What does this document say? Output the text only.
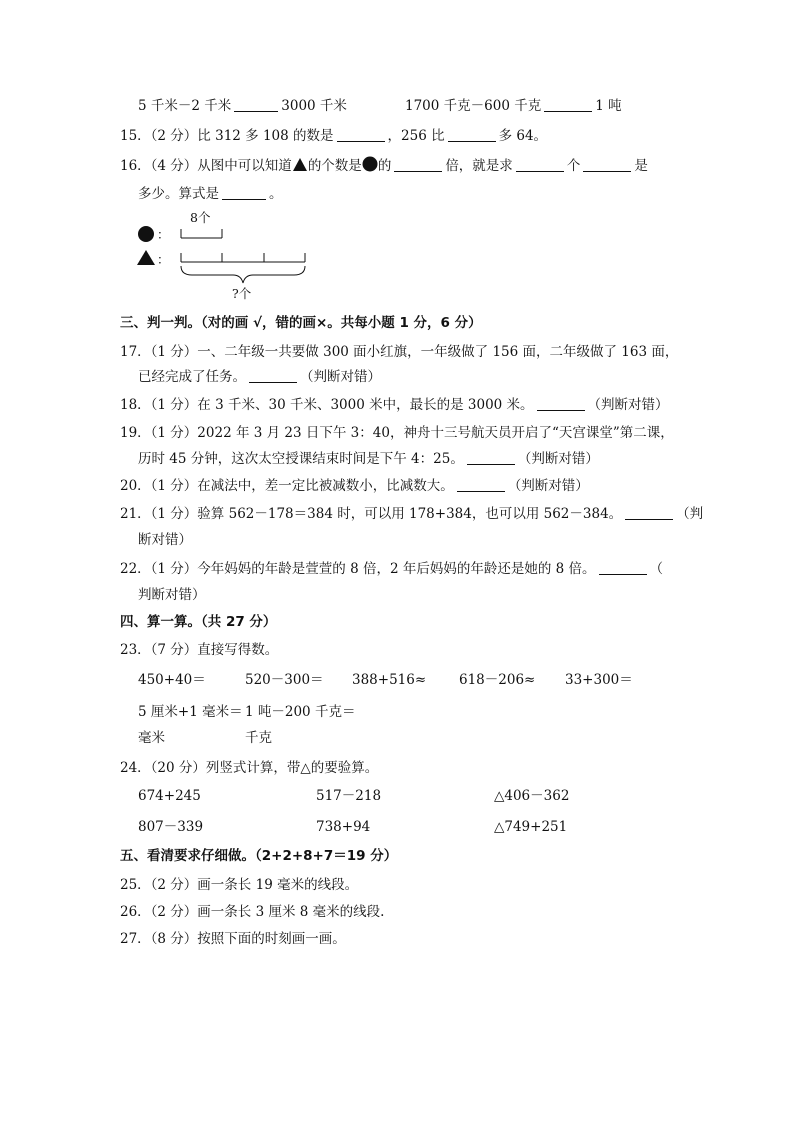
5 千米－2 千米	3000 千米	1700 千克－600 千克	1 吨
15．（2 分）比 312 多 108 的数是	，256 比	多 64。
16．（4 分）从图中可以知道 的个数是 的	倍，就是求	个	是
多少。算式是	。
8个
：
：
?个
三、判一判。（对的画 √，错的画×。共每小题 1 分，6 分）
17．（1 分）一、二年级一共要做 300 面小红旗，一年级做了 156 面，二年级做了 163 面，
已经完成了任务。	（判断对错）
18．（1 分）在 3 千米、30 千米、3000 米中，最长的是 3000 米。	（判断对错）
19．（1 分）2022 年 3 月 23 日下午 3：40，神舟十三号航天员开启了“天宫课堂”第二课，
历时 45 分钟，这次太空授课结束时间是下午 4：25。	（判断对错）
20．（1 分）在减法中，差一定比被减数小，比减数大。	（判断对错）
21．（1 分）验算 562－178＝384 时，可以用 178+384，也可以用 562－384。	（判
断对错）
22．（1 分）今年妈妈的年龄是萱萱的 8 倍，2 年后妈妈的年龄还是她的 8 倍。	（
判断对错）
四、算一算。（共 27 分）
23．（7 分）直接写得数。
450+40＝	520－300＝ 388+516≈ 618－206≈ 33+300＝
5 厘米+1 毫米＝ 1 吨－200 千克＝
毫米	千克
24．（20 分）列竖式计算，带△的要验算。
674+245	517－218	△406－362
807－339	738+94	△749+251
五、看清要求仔细做。（2+2+8+7＝19 分）
25．（2 分）画一条长 19 毫米的线段。
26．（2 分）画一条长 3 厘米 8 毫米的线段.
27．（8 分）按照下面的时刻画一画。
